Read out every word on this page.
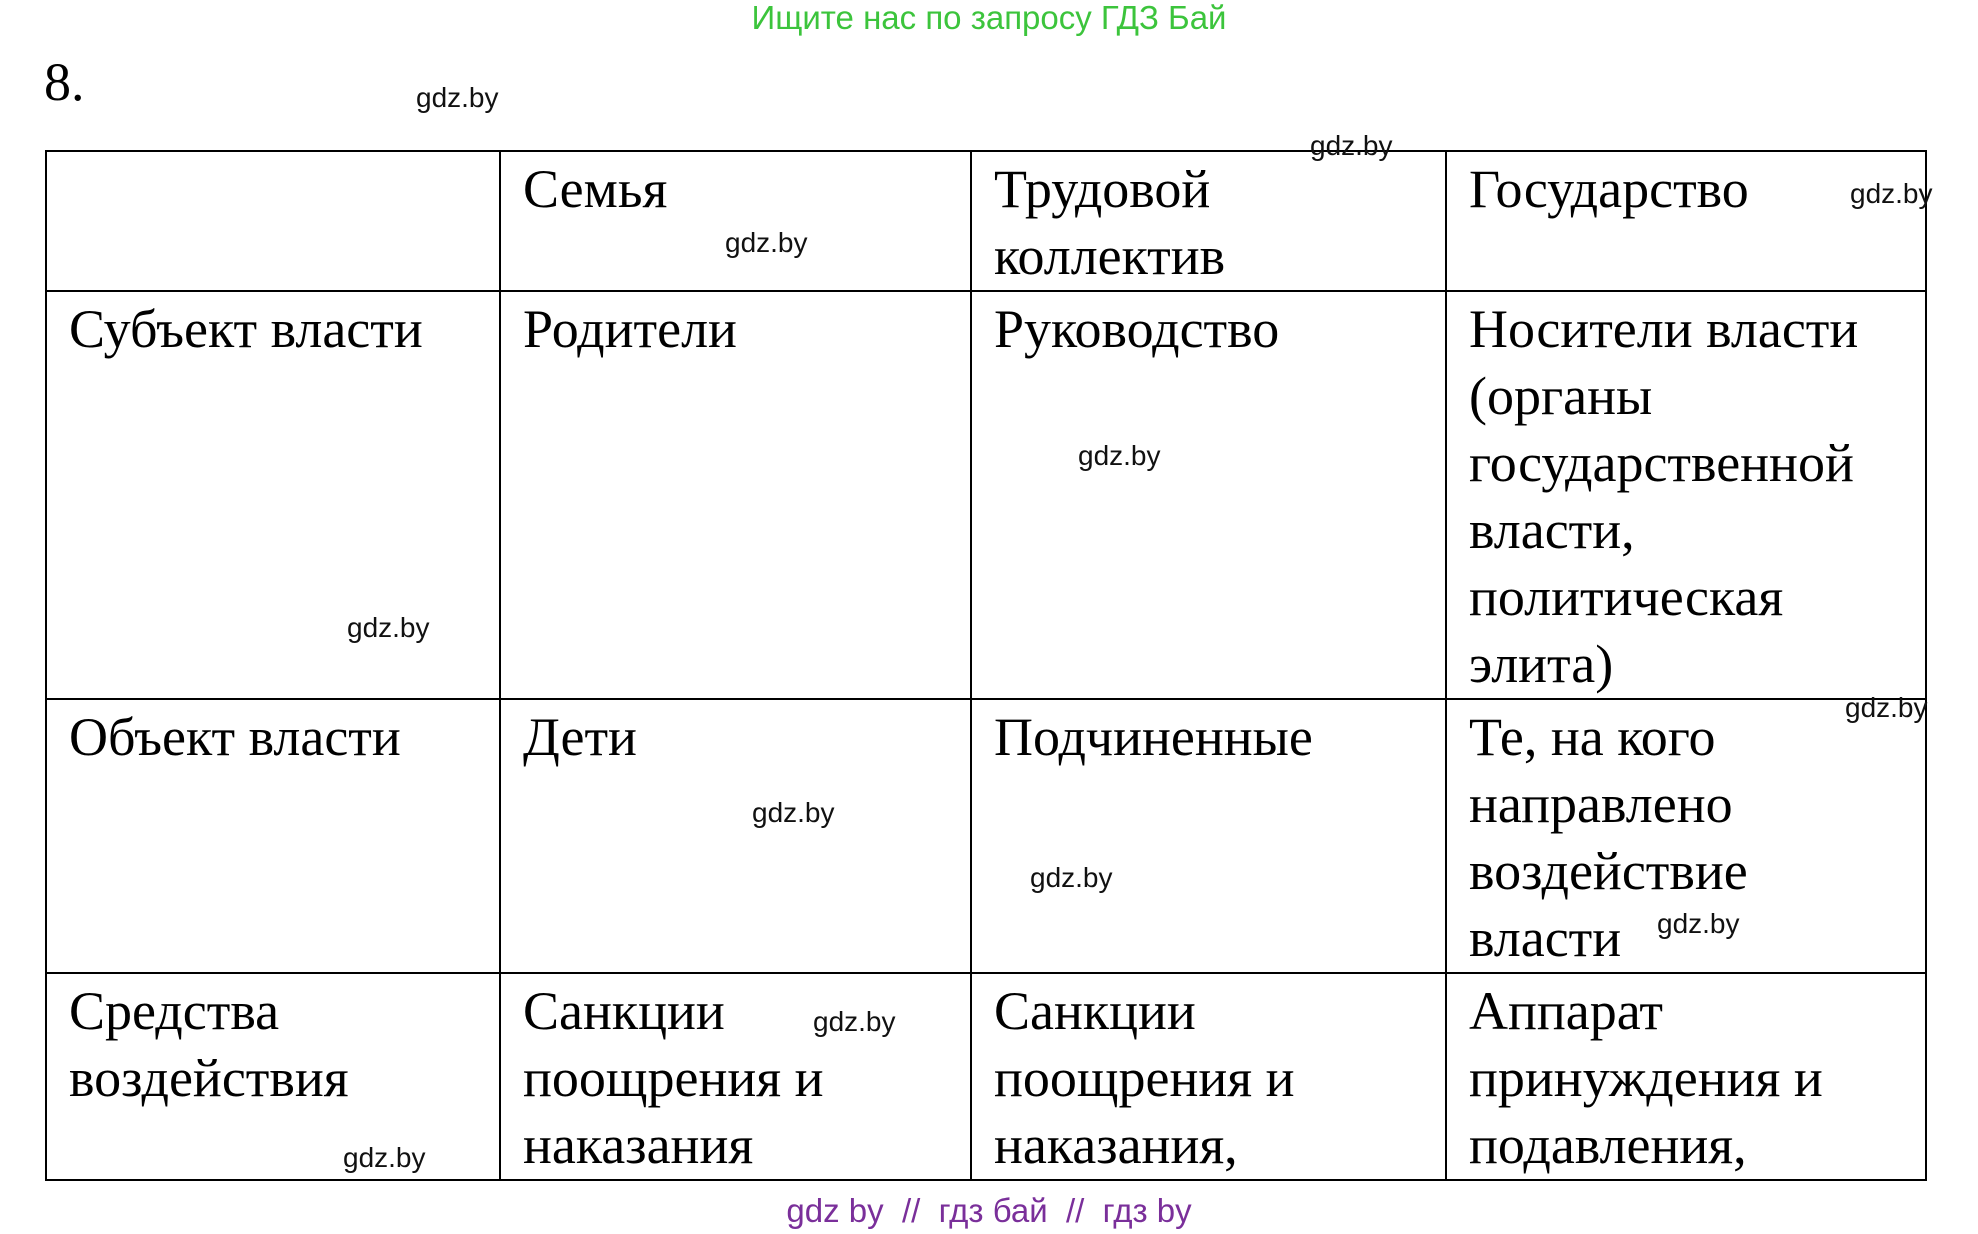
Ищите нас по запросу ГДЗ Бай
8.
	Семья	Трудовой коллектив	Государство
Субъект власти	Родители	Руководство	Носители власти (органы государственной власти, политическая элита)
Объект власти	Дети	Подчиненные	Те, на кого направлено воздействие власти
Средства воздействия	Санкции поощрения и наказания	Санкции поощрения и наказания,	Аппарат принуждения и подавления,
gdz.by
gdz.by
gdz.by
gdz.by
gdz.by
gdz.by
gdz.by
gdz.by
gdz.by
gdz.by
gdz.by
gdz.by
gdz by  //  гдз бай  //  гдз by
